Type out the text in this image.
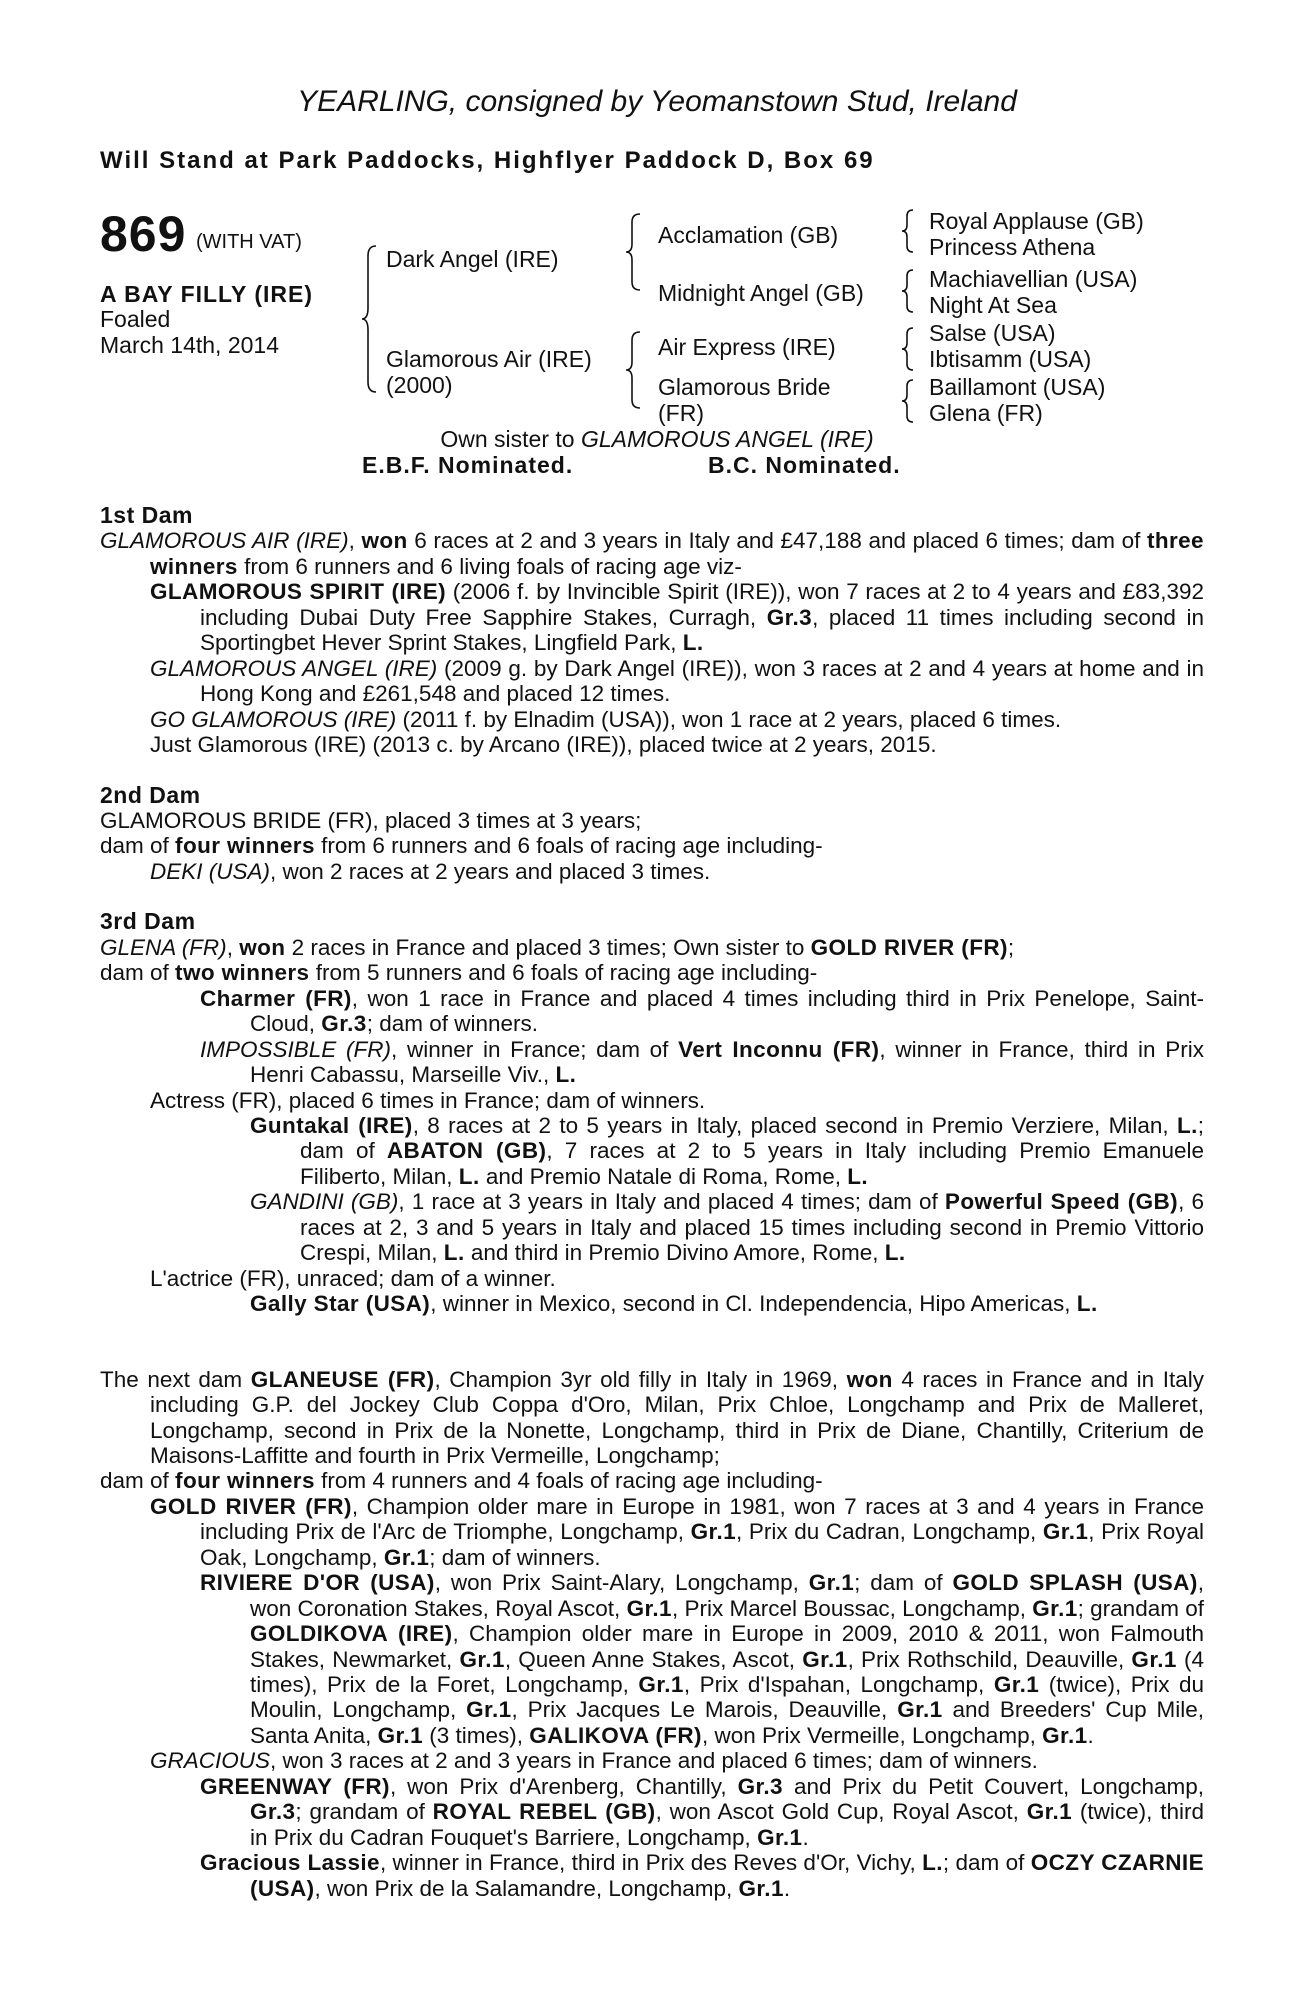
YEARLING, consigned by Yeomanstown Stud, Ireland
Will Stand at Park Paddocks, Highflyer Paddock D, Box 69
869 (WITH VAT)
A BAY FILLY (IRE)
Foaled
March 14th, 2014
Dark Angel (IRE)
Glamorous Air (IRE)
(2000)
Acclamation (GB)
Midnight Angel (GB)
Air Express (IRE)
Glamorous Bride
(FR)
Royal Applause (GB)
Princess Athena
Machiavellian (USA)
Night At Sea
Salse (USA)
Ibtisamm (USA)
Baillamont (USA)
Glena (FR)
Own sister to GLAMOROUS ANGEL (IRE)
E.B.F. Nominated.	B.C. Nominated.
1st Dam

GLAMOROUS AIR (IRE), won 6 races at 2 and 3 years in Italy and £47,188 and placed 6 times; dam of three winners from 6 runners and 6 living foals of racing age viz-

GLAMOROUS SPIRIT (IRE) (2006 f. by Invincible Spirit (IRE)), won 7 races at 2 to 4 years and £83,392 including Dubai Duty Free Sapphire Stakes, Curragh, Gr.3, placed 11 times including second in Sportingbet Hever Sprint Stakes, Lingfield Park, L.

GLAMOROUS ANGEL (IRE) (2009 g. by Dark Angel (IRE)), won 3 races at 2 and 4 years at home and in Hong Kong and £261,548 and placed 12 times.

GO GLAMOROUS (IRE) (2011 f. by Elnadim (USA)), won 1 race at 2 years, placed 6 times.

Just Glamorous (IRE) (2013 c. by Arcano (IRE)), placed twice at 2 years, 2015.

2nd Dam

GLAMOROUS BRIDE (FR), placed 3 times at 3 years;

dam of four winners from 6 runners and 6 foals of racing age including-

DEKI (USA), won 2 races at 2 years and placed 3 times.

3rd Dam

GLENA (FR), won 2 races in France and placed 3 times; Own sister to GOLD RIVER (FR);

dam of two winners from 5 runners and 6 foals of racing age including-

Charmer (FR), won 1 race in France and placed 4 times including third in Prix Penelope, Saint-Cloud, Gr.3; dam of winners.

IMPOSSIBLE (FR), winner in France; dam of Vert Inconnu (FR), winner in France, third in Prix Henri Cabassu, Marseille Viv., L.

Actress (FR), placed 6 times in France; dam of winners.

Guntakal (IRE), 8 races at 2 to 5 years in Italy, placed second in Premio Verziere, Milan, L.; dam of ABATON (GB), 7 races at 2 to 5 years in Italy including Premio Emanuele Filiberto, Milan, L. and Premio Natale di Roma, Rome, L.

GANDINI (GB), 1 race at 3 years in Italy and placed 4 times; dam of Powerful Speed (GB), 6 races at 2, 3 and 5 years in Italy and placed 15 times including second in Premio Vittorio Crespi, Milan, L. and third in Premio Divino Amore, Rome, L.

L'actrice (FR), unraced; dam of a winner.

Gally Star (USA), winner in Mexico, second in Cl. Independencia, Hipo Americas, L.

The next dam GLANEUSE (FR), Champion 3yr old filly in Italy in 1969, won 4 races in France and in Italy including G.P. del Jockey Club Coppa d'Oro, Milan, Prix Chloe, Longchamp and Prix de Malleret, Longchamp, second in Prix de la Nonette, Longchamp, third in Prix de Diane, Chantilly, Criterium de Maisons-Laffitte and fourth in Prix Vermeille, Longchamp;

dam of four winners from 4 runners and 4 foals of racing age including-

GOLD RIVER (FR), Champion older mare in Europe in 1981, won 7 races at 3 and 4 years in France including Prix de l'Arc de Triomphe, Longchamp, Gr.1, Prix du Cadran, Longchamp, Gr.1, Prix Royal Oak, Longchamp, Gr.1; dam of winners.

RIVIERE D'OR (USA), won Prix Saint-Alary, Longchamp, Gr.1; dam of GOLD SPLASH (USA), won Coronation Stakes, Royal Ascot, Gr.1, Prix Marcel Boussac, Longchamp, Gr.1; grandam of GOLDIKOVA (IRE), Champion older mare in Europe in 2009, 2010 & 2011, won Falmouth Stakes, Newmarket, Gr.1, Queen Anne Stakes, Ascot, Gr.1, Prix Rothschild, Deauville, Gr.1 (4 times), Prix de la Foret, Longchamp, Gr.1, Prix d'Ispahan, Longchamp, Gr.1 (twice), Prix du Moulin, Longchamp, Gr.1, Prix Jacques Le Marois, Deauville, Gr.1 and Breeders' Cup Mile, Santa Anita, Gr.1 (3 times), GALIKOVA (FR), won Prix Vermeille, Longchamp, Gr.1.

GRACIOUS, won 3 races at 2 and 3 years in France and placed 6 times; dam of winners.

GREENWAY (FR), won Prix d'Arenberg, Chantilly, Gr.3 and Prix du Petit Couvert, Longchamp, Gr.3; grandam of ROYAL REBEL (GB), won Ascot Gold Cup, Royal Ascot, Gr.1 (twice), third in Prix du Cadran Fouquet's Barriere, Longchamp, Gr.1.

Gracious Lassie, winner in France, third in Prix des Reves d'Or, Vichy, L.; dam of OCZY CZARNIE (USA), won Prix de la Salamandre, Longchamp, Gr.1.
